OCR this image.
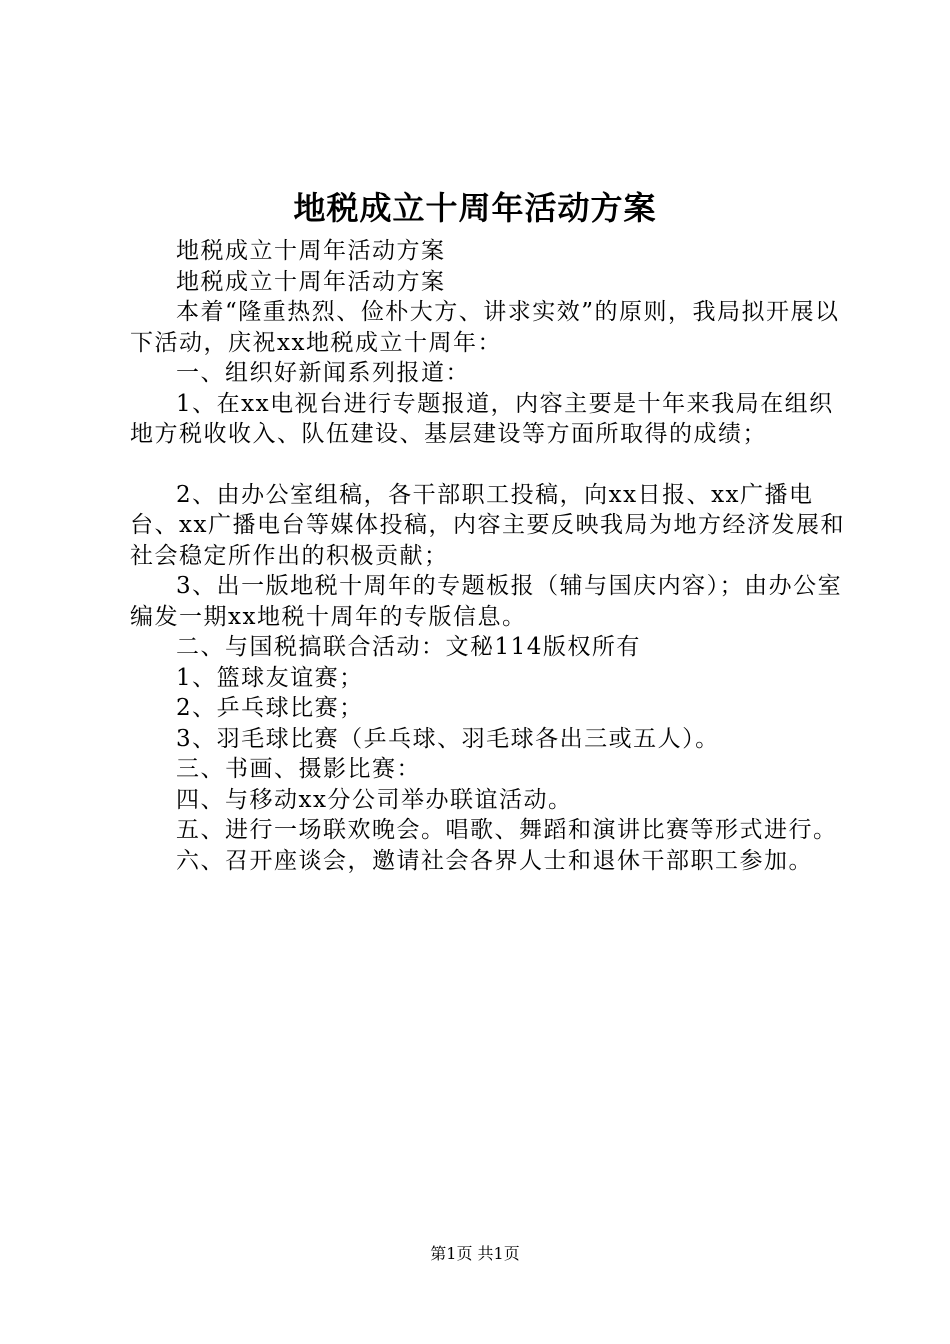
地税成立十周年活动方案

地税成立十周年活动方案

地税成立十周年活动方案

本着“隆重热烈、俭朴大方、讲求实效”的原则，我局拟开展以下活动，庆祝xx地税成立十周年：

一、组织好新闻系列报道：

1、在xx电视台进行专题报道，内容主要是十年来我局在组织地方税收收入、队伍建设、基层建设等方面所取得的成绩；

2、由办公室组稿，各干部职工投稿，向xx日报、xx广播电台、xx广播电台等媒体投稿，内容主要反映我局为地方经济发展和社会稳定所作出的积极贡献；

3、出一版地税十周年的专题板报（辅与国庆内容）；由办公室编发一期xx地税十周年的专版信息。

二、与国税搞联合活动：文秘114版权所有

1、篮球友谊赛；

2、乒乓球比赛；

3、羽毛球比赛（乒乓球、羽毛球各出三或五人）。

三、书画、摄影比赛：

四、与移动xx分公司举办联谊活动。

五、进行一场联欢晚会。唱歌、舞蹈和演讲比赛等形式进行。

六、召开座谈会，邀请社会各界人士和退休干部职工参加。

第1页 共1页
